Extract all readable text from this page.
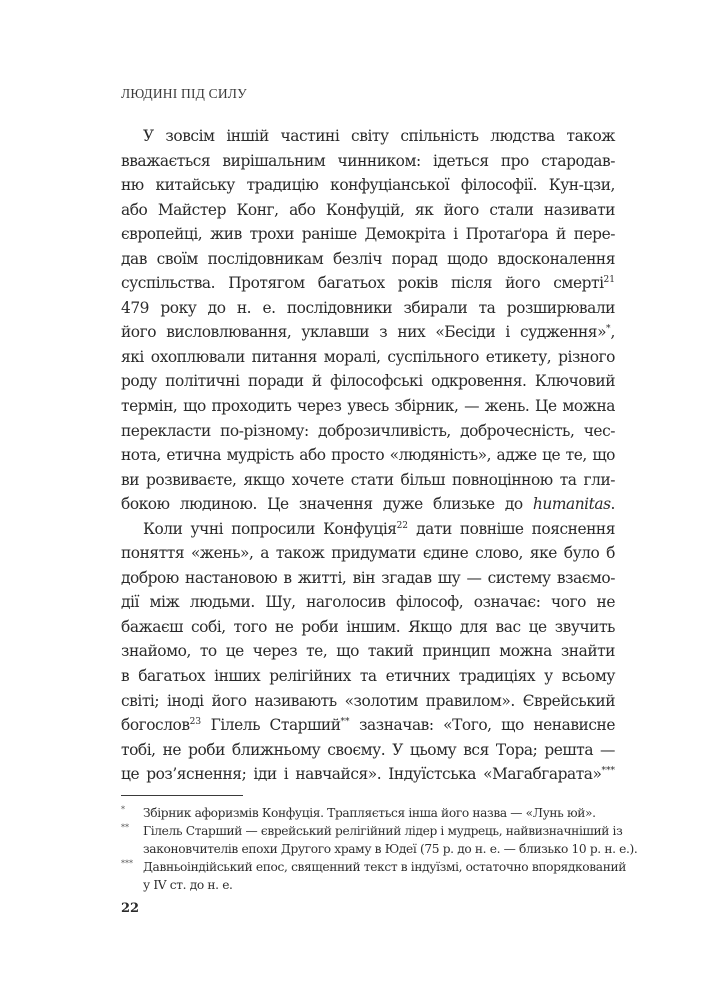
ЛЮДИНІ ПІД СИЛУ
У зовсім іншій частині світу спільність людства також
вважається вирішальним чинником: ідеться про стародав-
ню китайську традицію конфуціанської філософії. Кун-цзи,
або Майстер Конг, або Конфуцій, як його стали називати
європейці, жив трохи раніше Демокріта і Протаґора й пере-
дав своїм послідовникам безліч порад щодо вдосконалення
суспільства. Протягом багатьох років після його смерті$^{21}$
479 року до н. е. послідовники збирали та розширювали
його висловлювання, уклавши з них «Бесіди і судження»*,
які охоплювали питання моралі, суспільного етикету, різного
роду політичні поради й філософські одкровення. Ключовий
термін, що проходить через увесь збірник, — жень. Це можна
перекласти по-різному: доброзичливість, доброчесність, чес-
нота, етична мудрість або просто «людяність», адже це те, що
ви розвиваєте, якщо хочете стати більш повноцінною та гли-
бокою людиною. Це значення дуже близьке до humanitas.
Коли учні попросили Конфуція$^{22}$ дати повніше пояснення
поняття «жень», а також придумати єдине слово, яке було б
доброю настановою в житті, він згадав шу — систему взаємо-
дії між людьми. Шу, наголосив філософ, означає: чого не
бажаєш собі, того не роби іншим. Якщо для вас це звучить
знайомо, то це через те, що такий принцип можна знайти
в багатьох інших релігійних та етичних традиціях у всьому
світі; іноді його називають «золотим правилом». Єврейський
богослов$^{23}$ Гілель Старший** зазначав: «Того, що ненависне
тобі, не роби ближньому своєму. У цьому вся Тора; решта —
це роз’яснення; іди і навчайся». Індуїстська «Магабгарата»***
* Збірник афоризмів Конфуція. Трапляється інша його назва — «Лунь юй».
** Гілель Старший — єврейський релігійний лідер і мудрець, найвизначніший із
законовчителів епохи Другого храму в Юдеї (75 р. до н. е. — близько 10 р. н. е.).
*** Давньоіндійський епос, священний текст в індуїзмі, остаточно впорядкований
у IV ст. до н. е.
22
